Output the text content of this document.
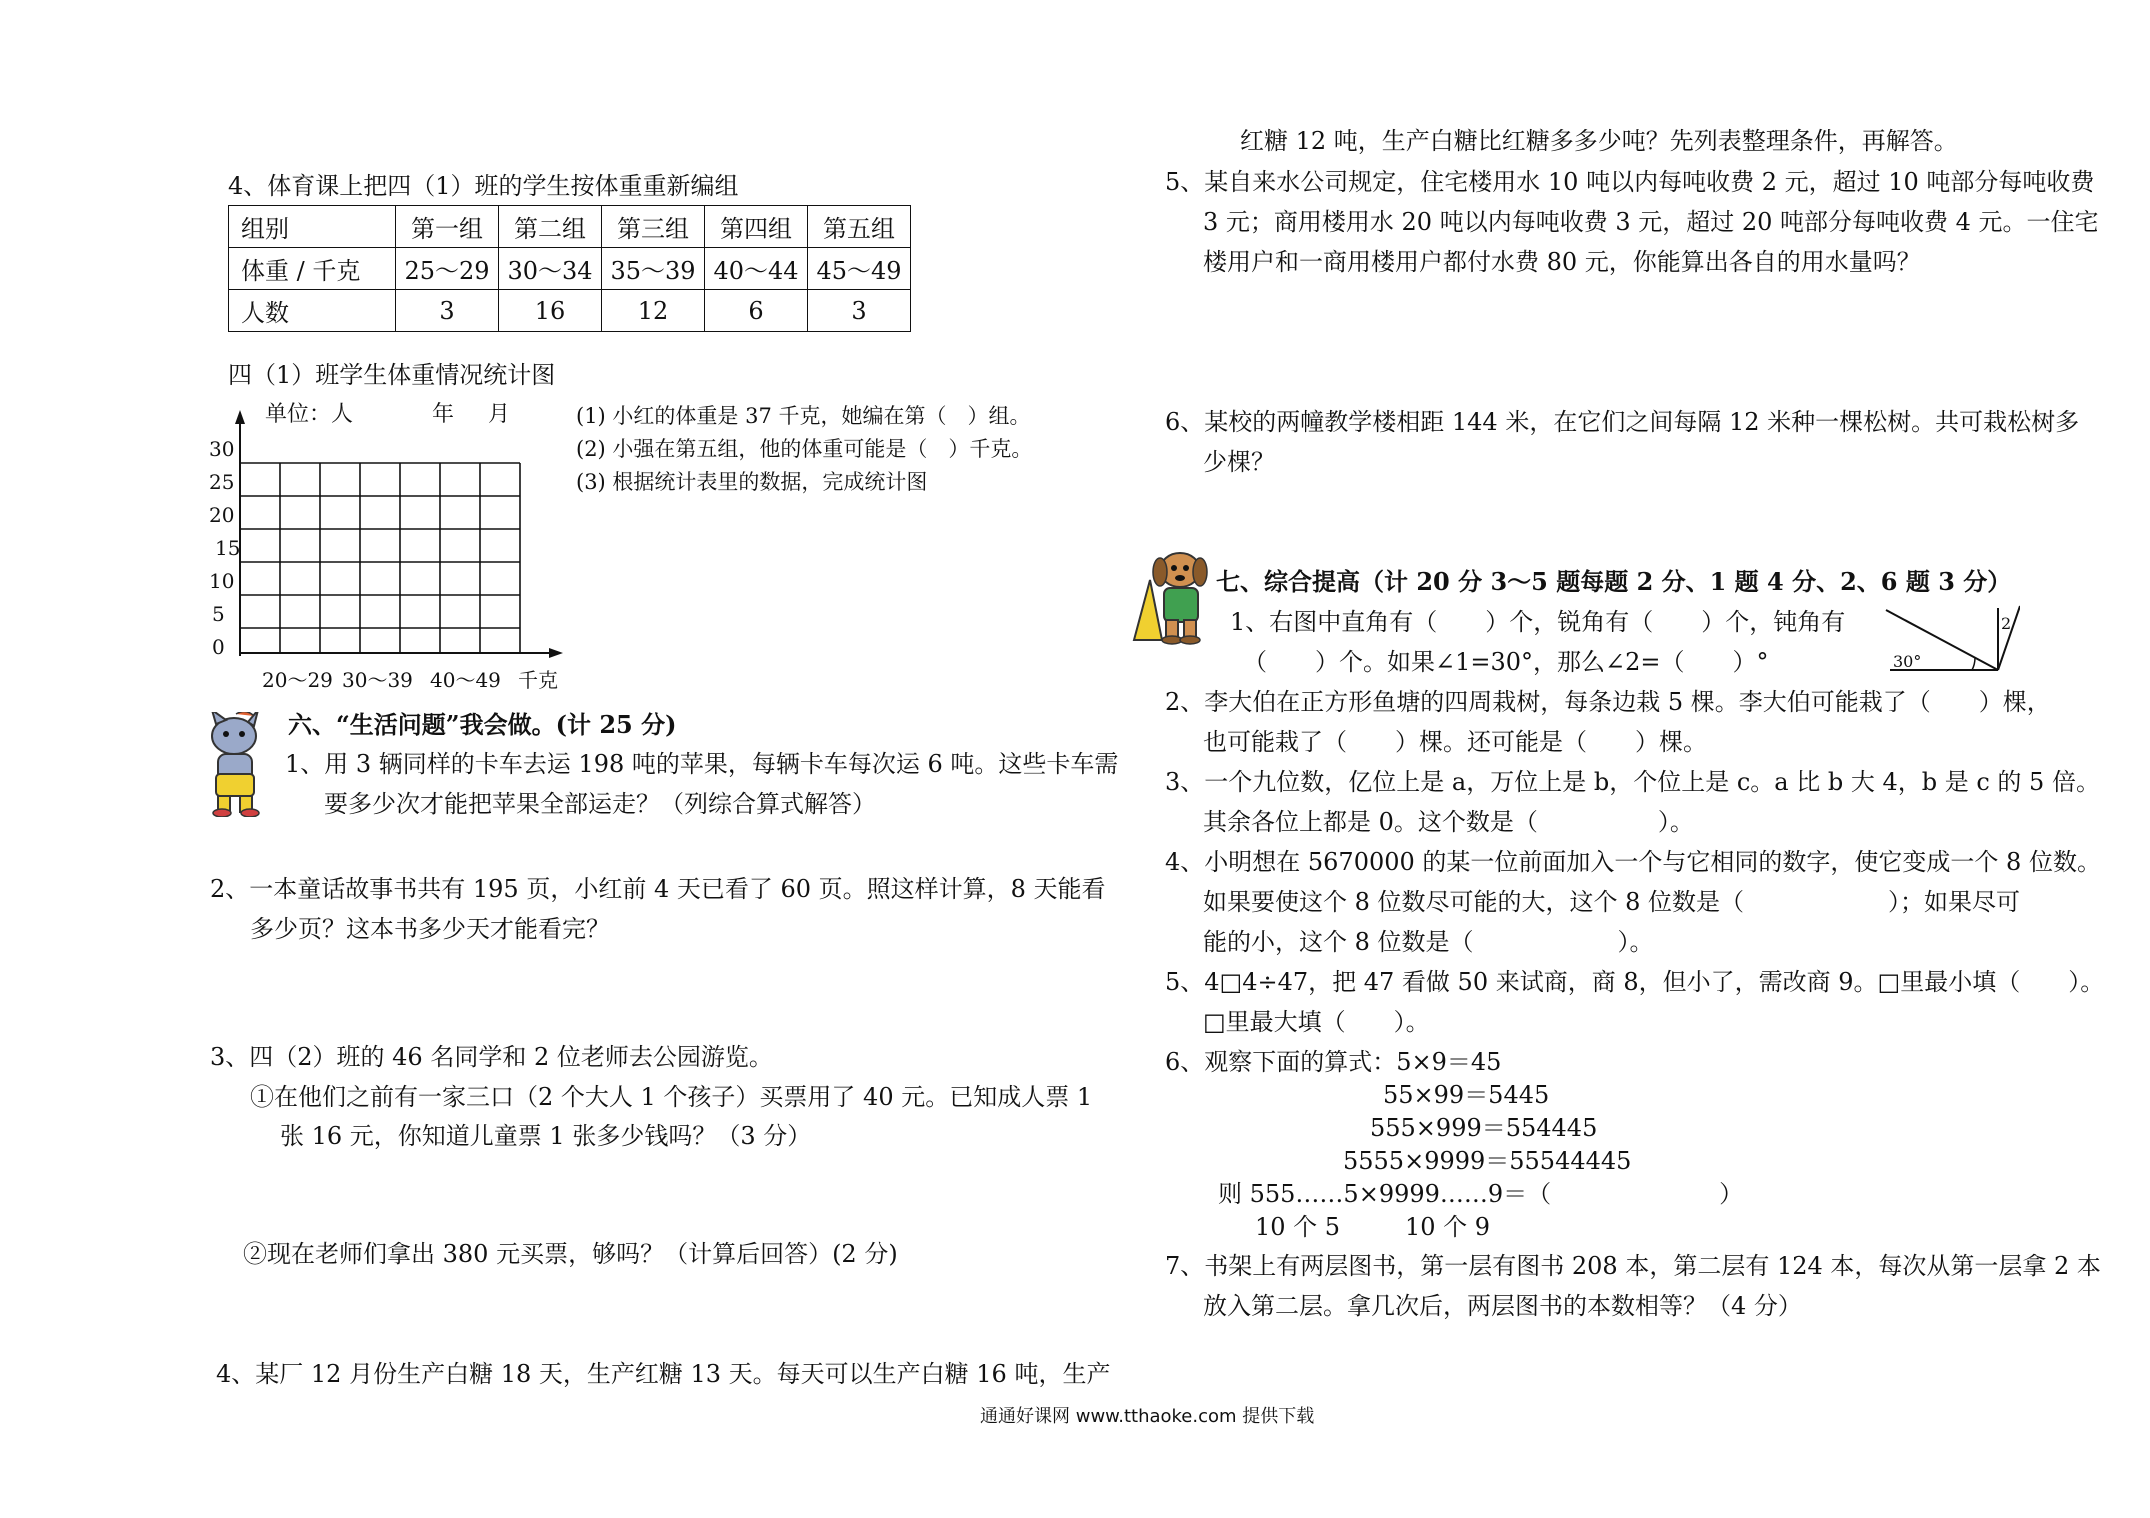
4、体育课上把四（1）班的学生按体重重新编组
组别	第一组	第二组	第三组	第四组	第五组
体重 / 千克	25～29	30～34	35～39	40～44	45～49
人数	3	16	12	6	3
四（1）班学生体重情况统计图
单位：人	年 月
30
25
20
15
10
5
0
20～29 30～39 40～49 千克
(1) 小红的体重是 37 千克，她编在第（　）组。
(2) 小强在第五组，他的体重可能是（　）千克。
(3) 根据统计表里的数据，完成统计图
六、“生活问题”我会做。(计 25 分)
1、用 3 辆同样的卡车去运 198 吨的苹果，每辆卡车每次运 6 吨。这些卡车需
要多少次才能把苹果全部运走？（列综合算式解答）
2、一本童话故事书共有 195 页，小红前 4 天已看了 60 页。照这样计算，8 天能看
多少页？这本书多少天才能看完？
3、四（2）班的 46 名同学和 2 位老师去公园游览。
①在他们之前有一家三口（2 个大人 1 个孩子）买票用了 40 元。已知成人票 1
张 16 元，你知道儿童票 1 张多少钱吗？（3 分）
②现在老师们拿出 380 元买票，够吗？（计算后回答）(2 分)
4、某厂 12 月份生产白糖 18 天，生产红糖 13 天。每天可以生产白糖 16 吨，生产
红糖 12 吨，生产白糖比红糖多多少吨？先列表整理条件，再解答。
5、某自来水公司规定，住宅楼用水 10 吨以内每吨收费 2 元，超过 10 吨部分每吨收费
3 元；商用楼用水 20 吨以内每吨收费 3 元，超过 20 吨部分每吨收费 4 元。一住宅
楼用户和一商用楼用户都付水费 80 元，你能算出各自的用水量吗？
6、某校的两幢教学楼相距 144 米，在它们之间每隔 12 米种一棵松树。共可栽松树多
少棵？
七、综合提高（计 20 分 3～5 题每题 2 分、1 题 4 分、2、6 题 3 分）
1、右图中直角有（　　）个，锐角有（　　）个，钝角有
（　　）个。如果∠1=30°，那么∠2=（　　）°	30°
2
2、李大伯在正方形鱼塘的四周栽树，每条边栽 5 棵。李大伯可能栽了（　　）棵，
也可能栽了（　　）棵。还可能是（　　）棵。
3、一个九位数，亿位上是 a，万位上是 b，个位上是 c。a 比 b 大 4，b 是 c 的 5 倍。
其余各位上都是 0。这个数是（　　　　　）。
4、小明想在 5670000 的某一位前面加入一个与它相同的数字，使它变成一个 8 位数。
如果要使这个 8 位数尽可能的大，这个 8 位数是（　　　　　　）；如果尽可
能的小，这个 8 位数是（　　　　　　）。
5、4□4÷47，把 47 看做 50 来试商，商 8，但小了，需改商 9。□里最小填（　　）。
□里最大填（　　）。
6、观察下面的算式：5×9＝45
55×99＝5445
555×999＝554445
5555×9999＝55544445
则 555……5×9999……9＝（　　　　　　　）
10 个 5	10 个 9
7、书架上有两层图书，第一层有图书 208 本，第二层有 124 本，每次从第一层拿 2 本
放入第二层。拿几次后，两层图书的本数相等？（4 分）
通通好课网 www.tthaoke.com 提供下载
